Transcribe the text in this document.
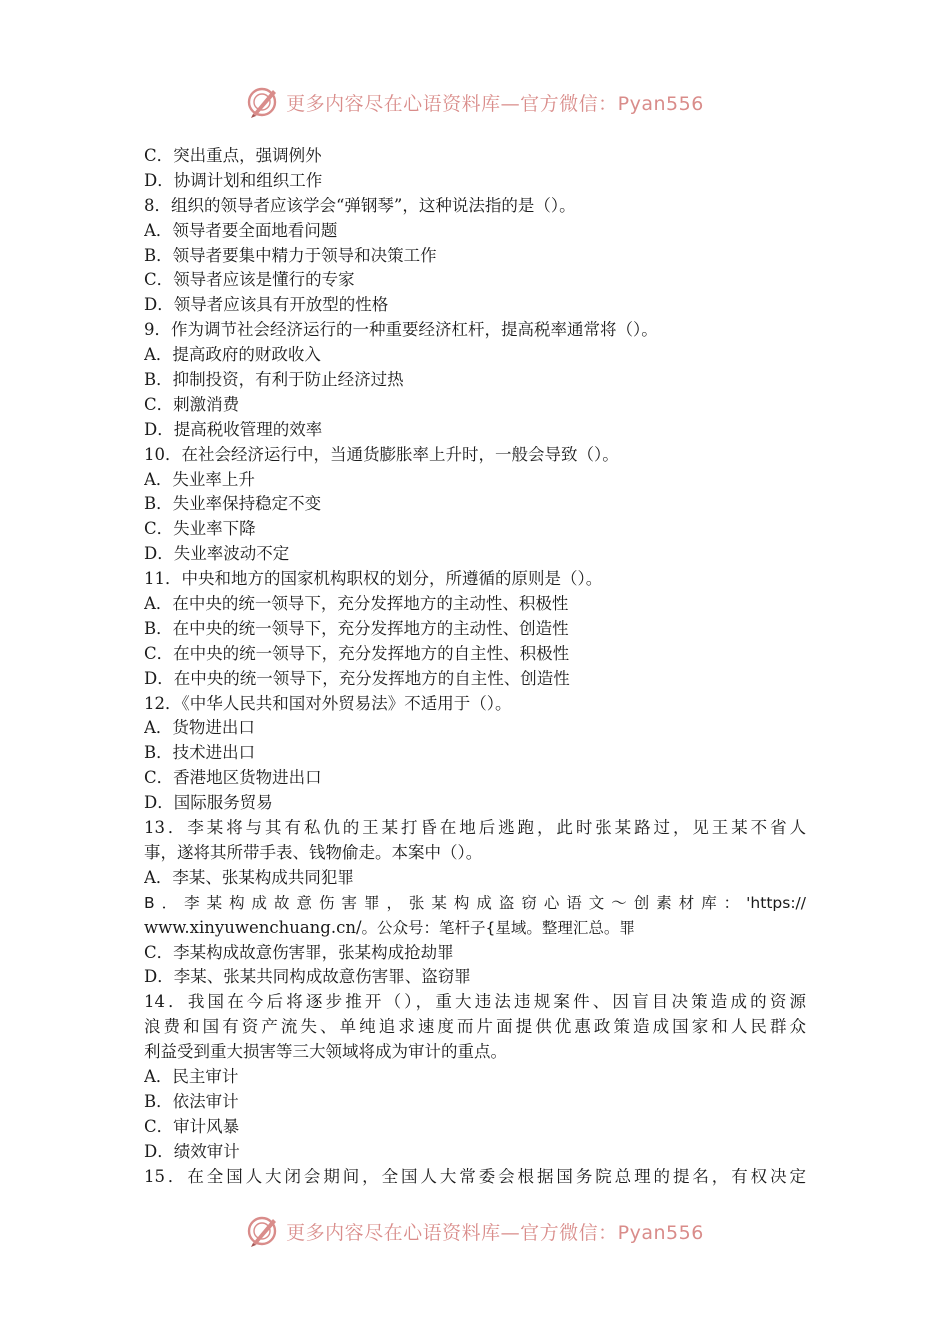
更多内容尽在心语资料库—官方微信：Pyan556
C．突出重点，强调例外
D．协调计划和组织工作
8．组织的领导者应该学会“弹钢琴”，这种说法指的是（）。
A．领导者要全面地看问题
B．领导者要集中精力于领导和决策工作
C．领导者应该是懂行的专家
D．领导者应该具有开放型的性格
9．作为调节社会经济运行的一种重要经济杠杆，提高税率通常将（）。
A．提高政府的财政收入
B．抑制投资，有利于防止经济过热
C．刺激消费
D．提高税收管理的效率
10．在社会经济运行中，当通货膨胀率上升时，一般会导致（）。
A．失业率上升
B．失业率保持稳定不变
C．失业率下降
D．失业率波动不定
11．中央和地方的国家机构职权的划分，所遵循的原则是（）。
A．在中央的统一领导下，充分发挥地方的主动性、积极性
B．在中央的统一领导下，充分发挥地方的主动性、创造性
C．在中央的统一领导下，充分发挥地方的自主性、积极性
D．在中央的统一领导下，充分发挥地方的自主性、创造性
12．《中华人民共和国对外贸易法》不适用于（）。
A．货物进出口
B．技术进出口
C．香港地区货物进出口
D．国际服务贸易
13．李某将与其有私仇的王某打昏在地后逃跑，此时张某路过，见王某不省人
事，遂将其所带手表、钱物偷走。本案中（）。
A．李某、张某构成共同犯罪
B．李某构成故意伤害罪，张某构成盗窃心语文～创素材库：'https://
www.xinyuwenchuang.cn/。公众号：笔杆子{星域。整理汇总。罪
C．李某构成故意伤害罪，张某构成抢劫罪
D．李某、张某共同构成故意伤害罪、盗窃罪
14．我国在今后将逐步推开（），重大违法违规案件、因盲目决策造成的资源
浪费和国有资产流失、单纯追求速度而片面提供优惠政策造成国家和人民群众
利益受到重大损害等三大领域将成为审计的重点。
A．民主审计
B．依法审计
C．审计风暴
D．绩效审计
15．在全国人大闭会期间，全国人大常委会根据国务院总理的提名，有权决定
更多内容尽在心语资料库—官方微信：Pyan556
